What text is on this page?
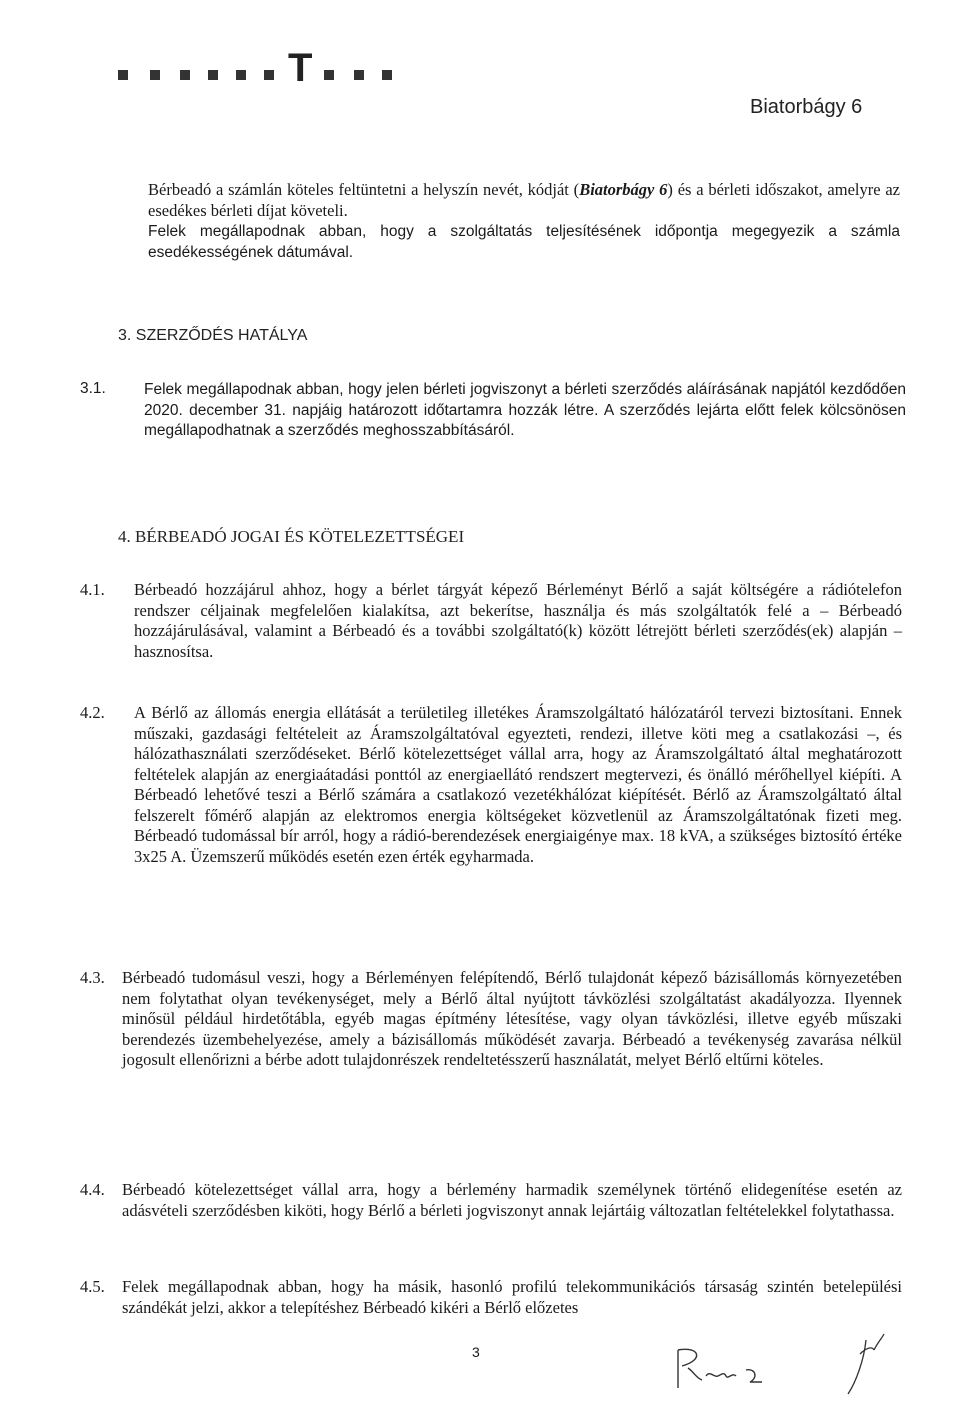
T
Biatorbágy 6
Bérbeadó a számlán köteles feltüntetni a helyszín nevét, kódját (Biatorbágy 6) és a bérleti időszakot, amelyre az esedékes bérleti díjat követeli.
Felek megállapodnak abban, hogy a szolgáltatás teljesítésének időpontja megegyezik a számla esedékességének dátumával.
3. SZERZŐDÉS HATÁLYA
3.1. Felek megállapodnak abban, hogy jelen bérleti jogviszonyt a bérleti szerződés aláírásának napjától kezdődően 2020. december 31. napjáig határozott időtartamra hozzák létre. A szerződés lejárta előtt felek kölcsönösen megállapodhatnak a szerződés meghosszabbításáról.
4. BÉRBEADÓ JOGAI ÉS KÖTELEZETTSÉGEI
4.1. Bérbeadó hozzájárul ahhoz, hogy a bérlet tárgyát képező Bérleményt Bérlő a saját költségére a rádiótelefon rendszer céljainak megfelelően kialakítsa, azt bekerítse, használja és más szolgáltatók felé a – Bérbeadó hozzájárulásával, valamint a Bérbeadó és a további szolgáltató(k) között létrejött bérleti szerződés(ek) alapján – hasznosítsa.
4.2. A Bérlő az állomás energia ellátását a területileg illetékes Áramszolgáltató hálózatáról tervezi biztosítani. Ennek műszaki, gazdasági feltételeit az Áramszolgáltatóval egyezteti, rendezi, illetve köti meg a csatlakozási –, és hálózathasználati szerződéseket. Bérlő kötelezettséget vállal arra, hogy az Áramszolgáltató által meghatározott feltételek alapján az energiaátadási ponttól az energiaellátó rendszert megtervezi, és önálló mérőhellyel kiépíti. A Bérbeadó lehetővé teszi a Bérlő számára a csatlakozó vezetékhálózat kiépítését. Bérlő az Áramszolgáltató által felszerelt főmérő alapján az elektromos energia költségeket közvetlenül az Áramszolgáltatónak fizeti meg. Bérbeadó tudomással bír arról, hogy a rádió-berendezések energiaigénye max. 18 kVA, a szükséges biztosító értéke 3x25 A. Üzemszerű működés esetén ezen érték egyharmada.
4.3. Bérbeadó tudomásul veszi, hogy a Bérleményen felépítendő, Bérlő tulajdonát képező bázisállomás környezetében nem folytathat olyan tevékenységet, mely a Bérlő által nyújtott távközlési szolgáltatást akadályozza. Ilyennek minősül például hirdetőtábla, egyéb magas építmény létesítése, vagy olyan távközlési, illetve egyéb műszaki berendezés üzembehelyezése, amely a bázisállomás működését zavarja. Bérbeadó a tevékenység zavarása nélkül jogosult ellenőrizni a bérbe adott tulajdonrészek rendeltetésszerű használatát, melyet Bérlő eltűrni köteles.
4.4. Bérbeadó kötelezettséget vállal arra, hogy a bérlemény harmadik személynek történő elidegenítése esetén az adásvételi szerződésben kiköti, hogy Bérlő a bérleti jogviszonyt annak lejártáig változatlan feltételekkel folytathassa.
4.5. Felek megállapodnak abban, hogy ha másik, hasonló profilú telekommunikációs társaság szintén betelepülési szándékát jelzi, akkor a telepítéshez Bérbeadó kikéri a Bérlő előzetes
3
